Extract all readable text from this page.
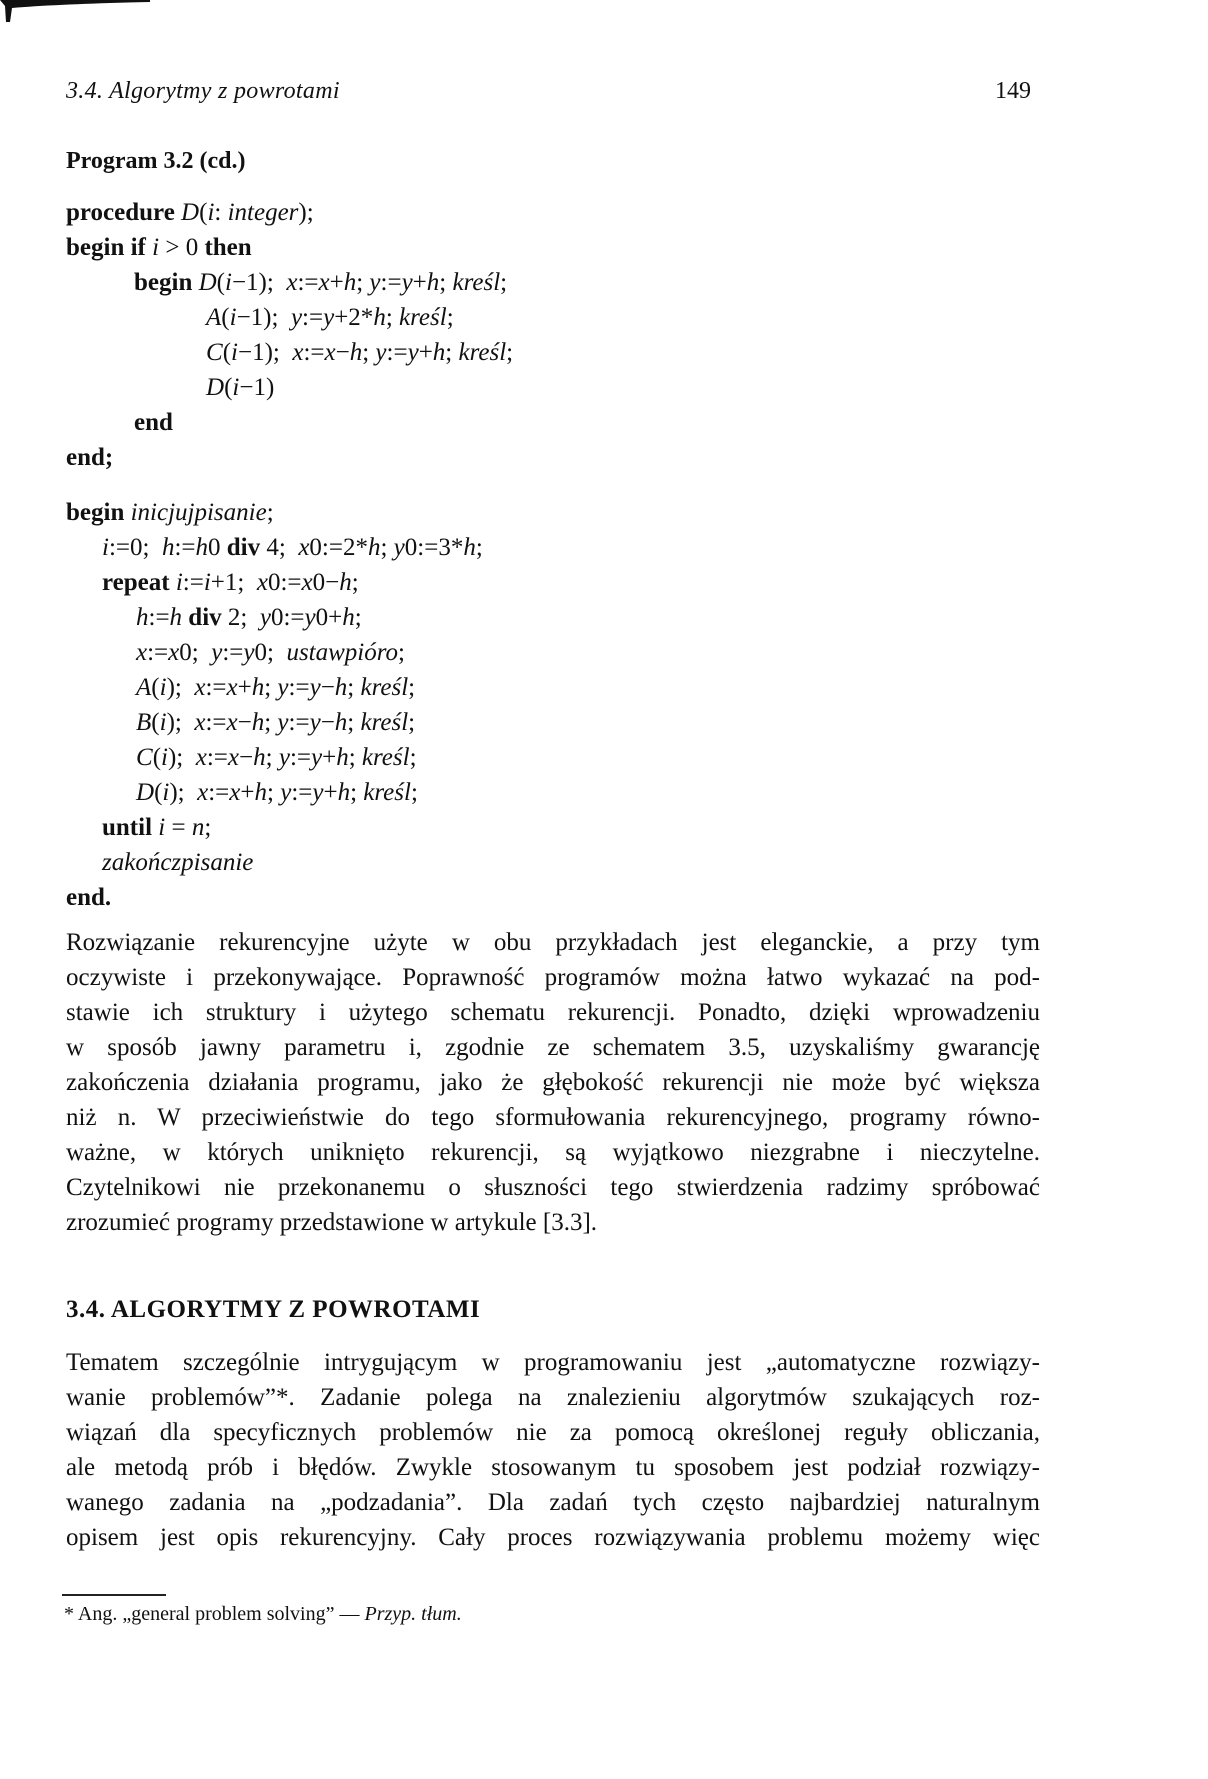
3.4. Algorytmy z powrotami	149
Program 3.2 (cd.)
procedure D(i: integer);
begin if i > 0 then
begin D(i−1);  x:=x+h; y:=y+h; kreśl;
A(i−1);  y:=y+2*h; kreśl;
C(i−1);  x:=x−h; y:=y+h; kreśl;
D(i−1)
end
end;
begin inicjujpisanie;
i:=0;  h:=h0 div 4;  x0:=2*h; y0:=3*h;
repeat i:=i+1;  x0:=x0−h;
h:=h div 2;  y0:=y0+h;
x:=x0;  y:=y0;  ustawpióro;
A(i);  x:=x+h; y:=y−h; kreśl;
B(i);  x:=x−h; y:=y−h; kreśl;
C(i);  x:=x−h; y:=y+h; kreśl;
D(i);  x:=x+h; y:=y+h; kreśl;
until i = n;
zakończpisanie
end.
Rozwiązanie rekurencyjne użyte w obu przykładach jest eleganckie, a przy tym
oczywiste i przekonywające. Poprawność programów można łatwo wykazać na pod-
stawie ich struktury i użytego schematu rekurencji. Ponadto, dzięki wprowadzeniu
w sposób jawny parametru i, zgodnie ze schematem 3.5, uzyskaliśmy gwarancję
zakończenia działania programu, jako że głębokość rekurencji nie może być większa
niż n. W przeciwieństwie do tego sformułowania rekurencyjnego, programy równo-
ważne, w których uniknięto rekurencji, są wyjątkowo niezgrabne i nieczytelne.
Czytelnikowi nie przekonanemu o słuszności tego stwierdzenia radzimy spróbować
zrozumieć programy przedstawione w artykule [3.3].
3.4. ALGORYTMY Z POWROTAMI
Tematem szczególnie intrygującym w programowaniu jest „automatyczne rozwiązy-
wanie problemów”*. Zadanie polega na znalezieniu algorytmów szukających roz-
wiązań dla specyficznych problemów nie za pomocą określonej reguły obliczania,
ale metodą prób i błędów. Zwykle stosowanym tu sposobem jest podział rozwiązy-
wanego zadania na „podzadania”. Dla zadań tych często najbardziej naturalnym
opisem jest opis rekurencyjny. Cały proces rozwiązywania problemu możemy więc
* Ang. „general problem solving” — Przyp. tłum.
